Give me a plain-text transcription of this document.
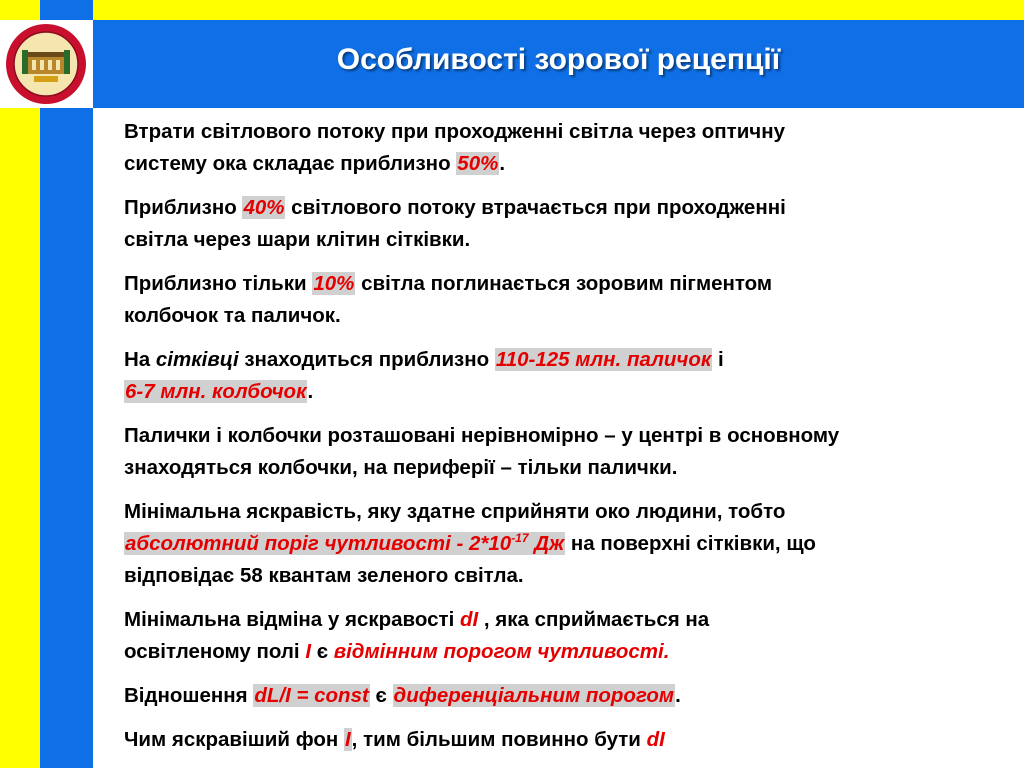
Особливості зорової рецепції

Втрати світлового потоку при проходженні світла через оптичну
систему ока складає приблизно 50%.

Приблизно 40% світлового потоку втрачається при проходженні
світла через шари клітин сітківки.

Приблизно тільки 10% світла поглинається зоровим пігментом
колбочок та паличок.

На сітківці знаходиться приблизно 110-125 млн. паличок і
6-7 млн. колбочок.

Палички і колбочки розташовані нерівномірно – у центрі в основному
знаходяться колбочки, на периферії – тільки палички.

Мінімальна яскравість, яку здатне сприйняти око людини, тобто
абсолютний поріг чутливості - $2*10^{-17}$ Дж на поверхні сітківки, що
відповідає 58 квантам зеленого світла.

Мінімальна відміна у яскравості dI , яка сприймається на
освітленому полі I є відмінним порогом чутливості.

Відношення dL/I = const є диференціальним порогом.

Чим яскравіший фон I, тим більшим повинно бути dI
